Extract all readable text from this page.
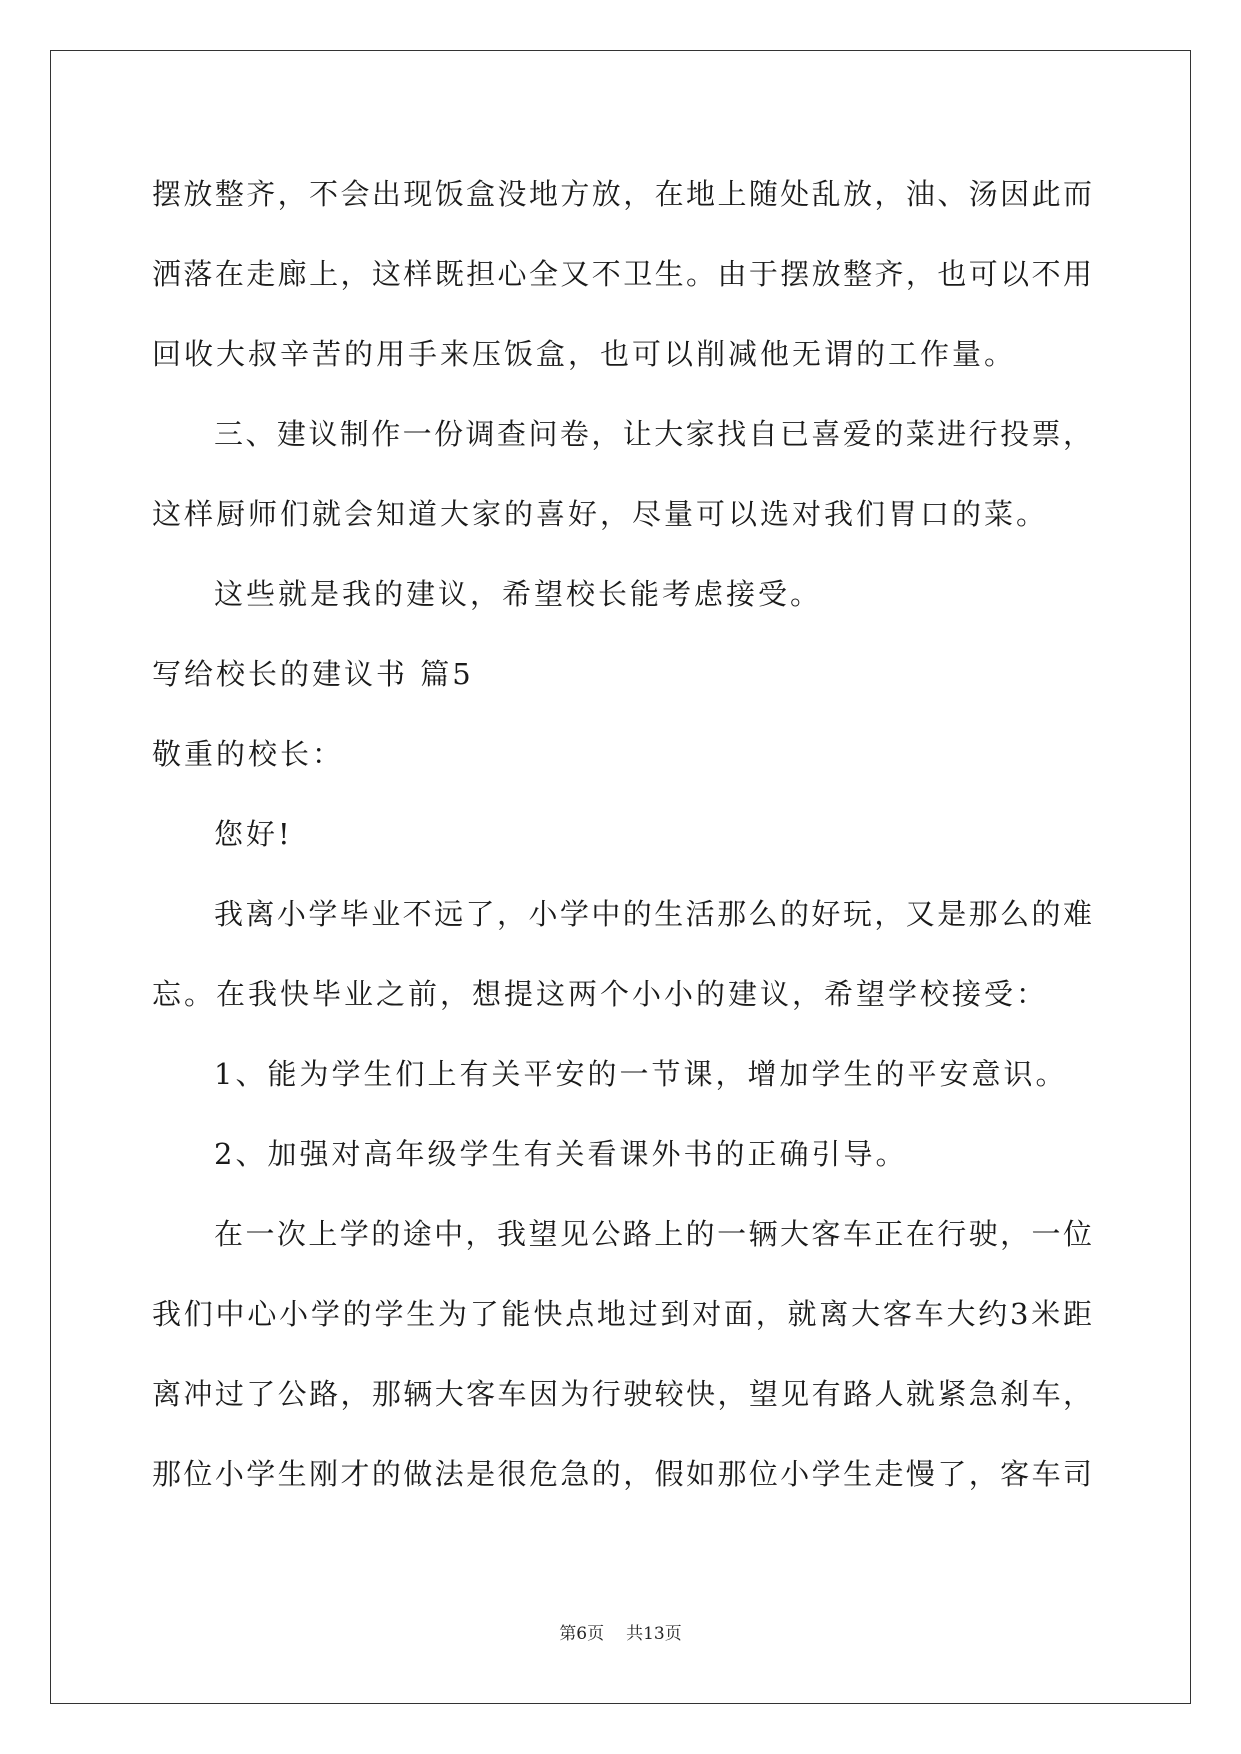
摆放整齐，不会出现饭盒没地方放，在地上随处乱放，油、汤因此而
洒落在走廊上，这样既担心全又不卫生。由于摆放整齐，也可以不用
回收大叔辛苦的用手来压饭盒，也可以削减他无谓的工作量。
三、建议制作一份调查问卷，让大家找自已喜爱的菜进行投票，
这样厨师们就会知道大家的喜好，尽量可以选对我们胃口的菜。
这些就是我的建议，希望校长能考虑接受。
写给校长的建议书 篇5
敬重的校长：
您好!
我离小学毕业不远了，小学中的生活那么的好玩，又是那么的难
忘。在我快毕业之前，想提这两个小小的建议，希望学校接受：
1、能为学生们上有关平安的一节课，增加学生的平安意识。
2、加强对高年级学生有关看课外书的正确引导。
在一次上学的途中，我望见公路上的一辆大客车正在行驶，一位
我们中心小学的学生为了能快点地过到对面，就离大客车大约3米距
离冲过了公路，那辆大客车因为行驶较快，望见有路人就紧急刹车，
那位小学生刚才的做法是很危急的，假如那位小学生走慢了，客车司
第6页 共13页
